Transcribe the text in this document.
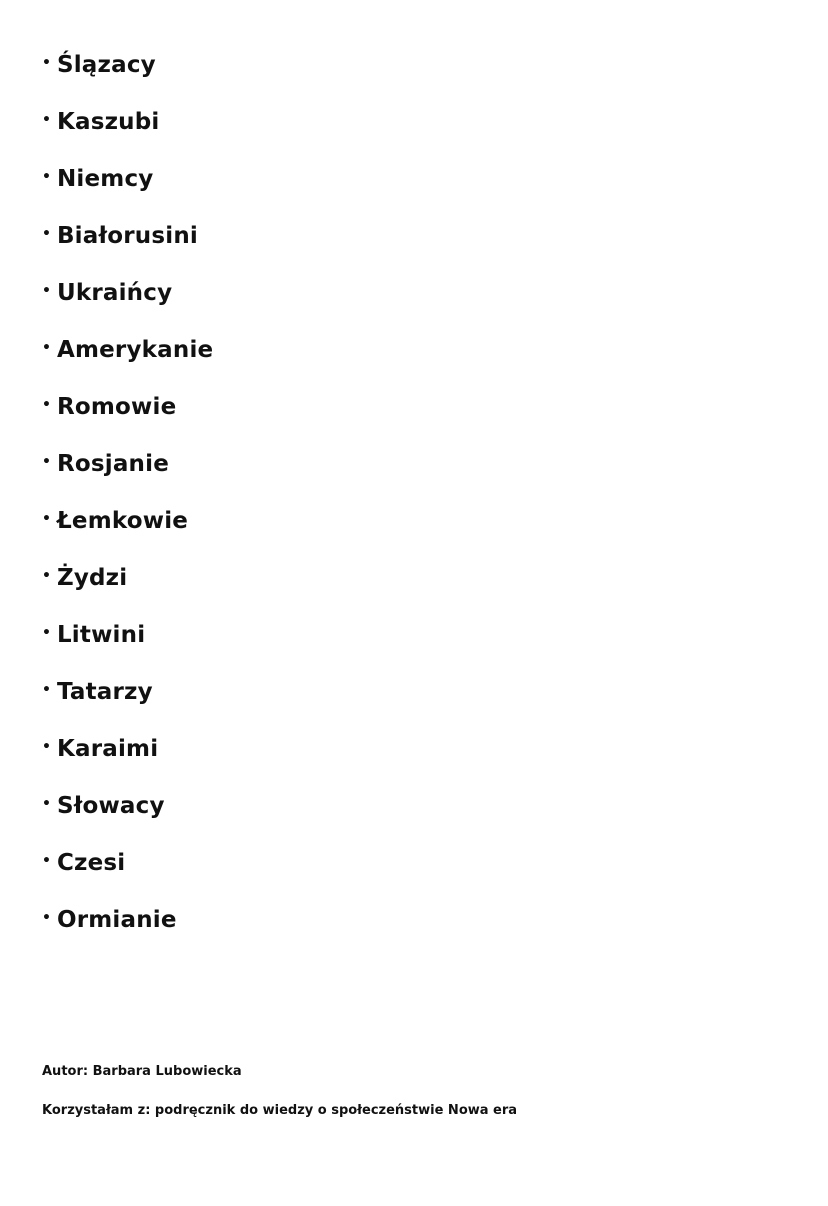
• Ślązacy
• Kaszubi
• Niemcy
• Białorusini
• Ukraińcy
• Amerykanie
• Romowie
• Rosjanie
• Łemkowie
• Żydzi
• Litwini
• Tatarzy
• Karaimi
• Słowacy
• Czesi
• Ormianie
Autor: Barbara Lubowiecka
Korzystałam z: podręcznik do wiedzy o społeczeństwie Nowa era
